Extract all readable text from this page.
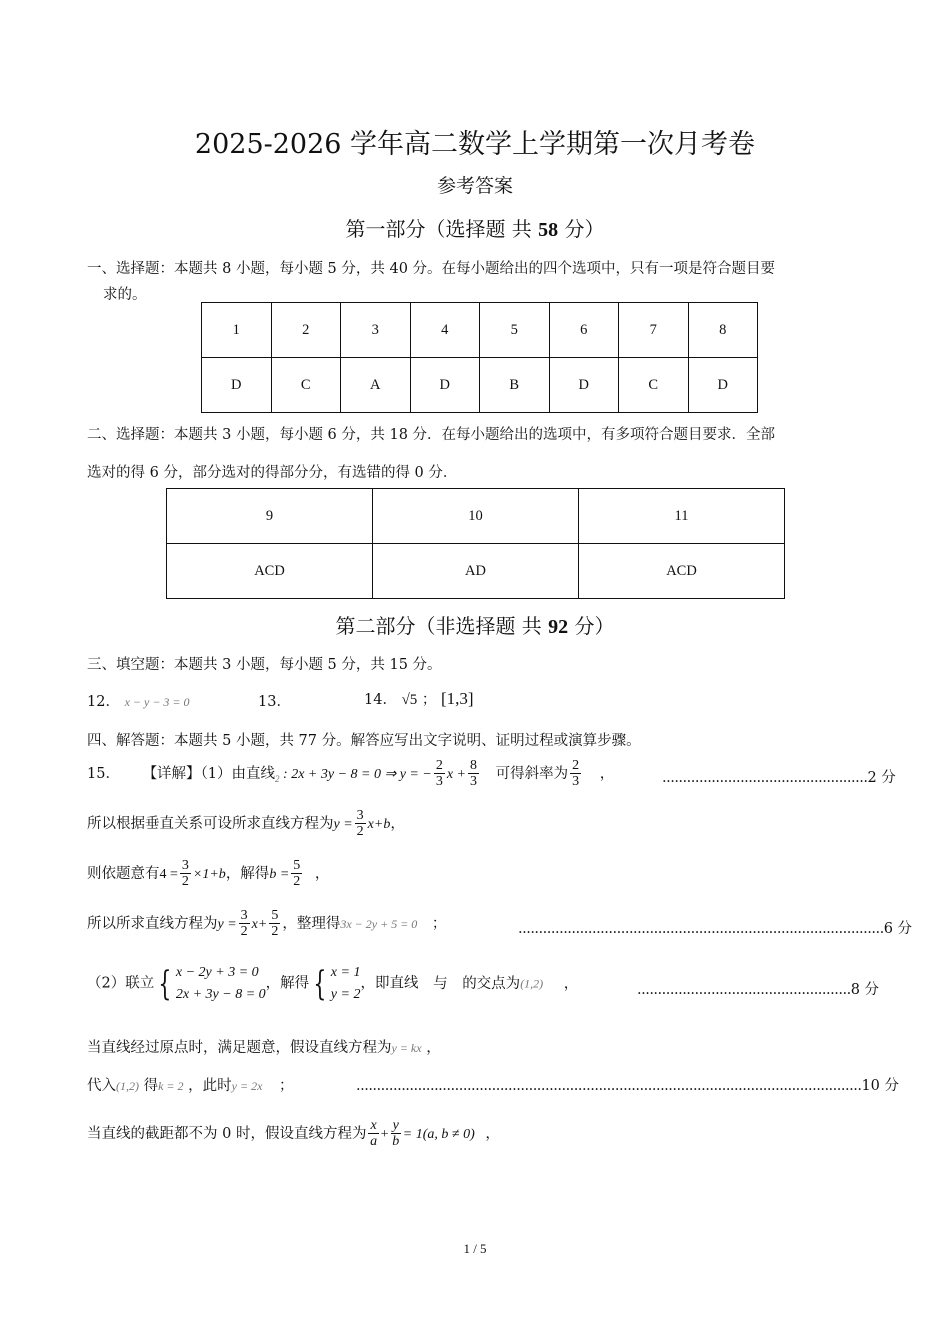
2025-2026 学年高二数学上学期第一次月考卷
参考答案
第一部分（选择题 共 58 分）
一、选择题：本题共 8 小题，每小题 5 分，共 40 分。在每小题给出的四个选项中，只有一项是符合题目要
求的。
1	2	3	4	5	6	7	8
D	C	A	D	B	D	C	D
二、选择题：本题共 3 小题，每小题 6 分，共 18 分．在每小题给出的选项中，有多项符合题目要求．全部
选对的得 6 分，部分选对的得部分分，有选错的得 0 分．
9	10	11
ACD	AD	ACD
第二部分（非选择题 共 92 分）
三、填空题：本题共 3 小题，每小题 5 分，共 15 分。
12． x − y − 3 = 0	13．	14． √5 ； [1,3]
四、解答题：本题共 5 小题，共 77 分。解答应写出文字说明、证明过程或演算步骤。
15． 【详解】（1）由直线$_2$ : 2x + 3y − 8 = 0 ⇒ y = − $\frac{2}{3}$ $x + \frac{8}{3}$ 可得斜率为 $\frac{2}{3}$ ，	..................................................2 分
所以根据垂直关系可设所求直线方程为$y = \frac{3}{2} x+b$，
则依题意有$4 = \frac{3}{2} \times 1+b$，解得$b = \frac{5}{2}$ ，
所以所求直线方程为$y = \frac{3}{2} x+ \frac{5}{2}$ ，整理得3x − 2y + 5 = 0 ；	.........................................................................................6 分
（2）联立 { x − 2y + 3 = 0
2x + 3y − 8 = 0
，解得 { x = 1
y = 2
，即直线 与 的交点为(1,2) ，	....................................................8 分
当直线经过原点时，满足题意，假设直线方程为y = kx ，
代入(1,2) 得k = 2 ，此时y = 2x ；	...........................................................................................................................10 分
当直线的截距都不为 0 时，假设直线方程为 $\frac{x}{a} + \frac{y}{b} = 1(a$, b ≠ 0) ，
1 / 5
